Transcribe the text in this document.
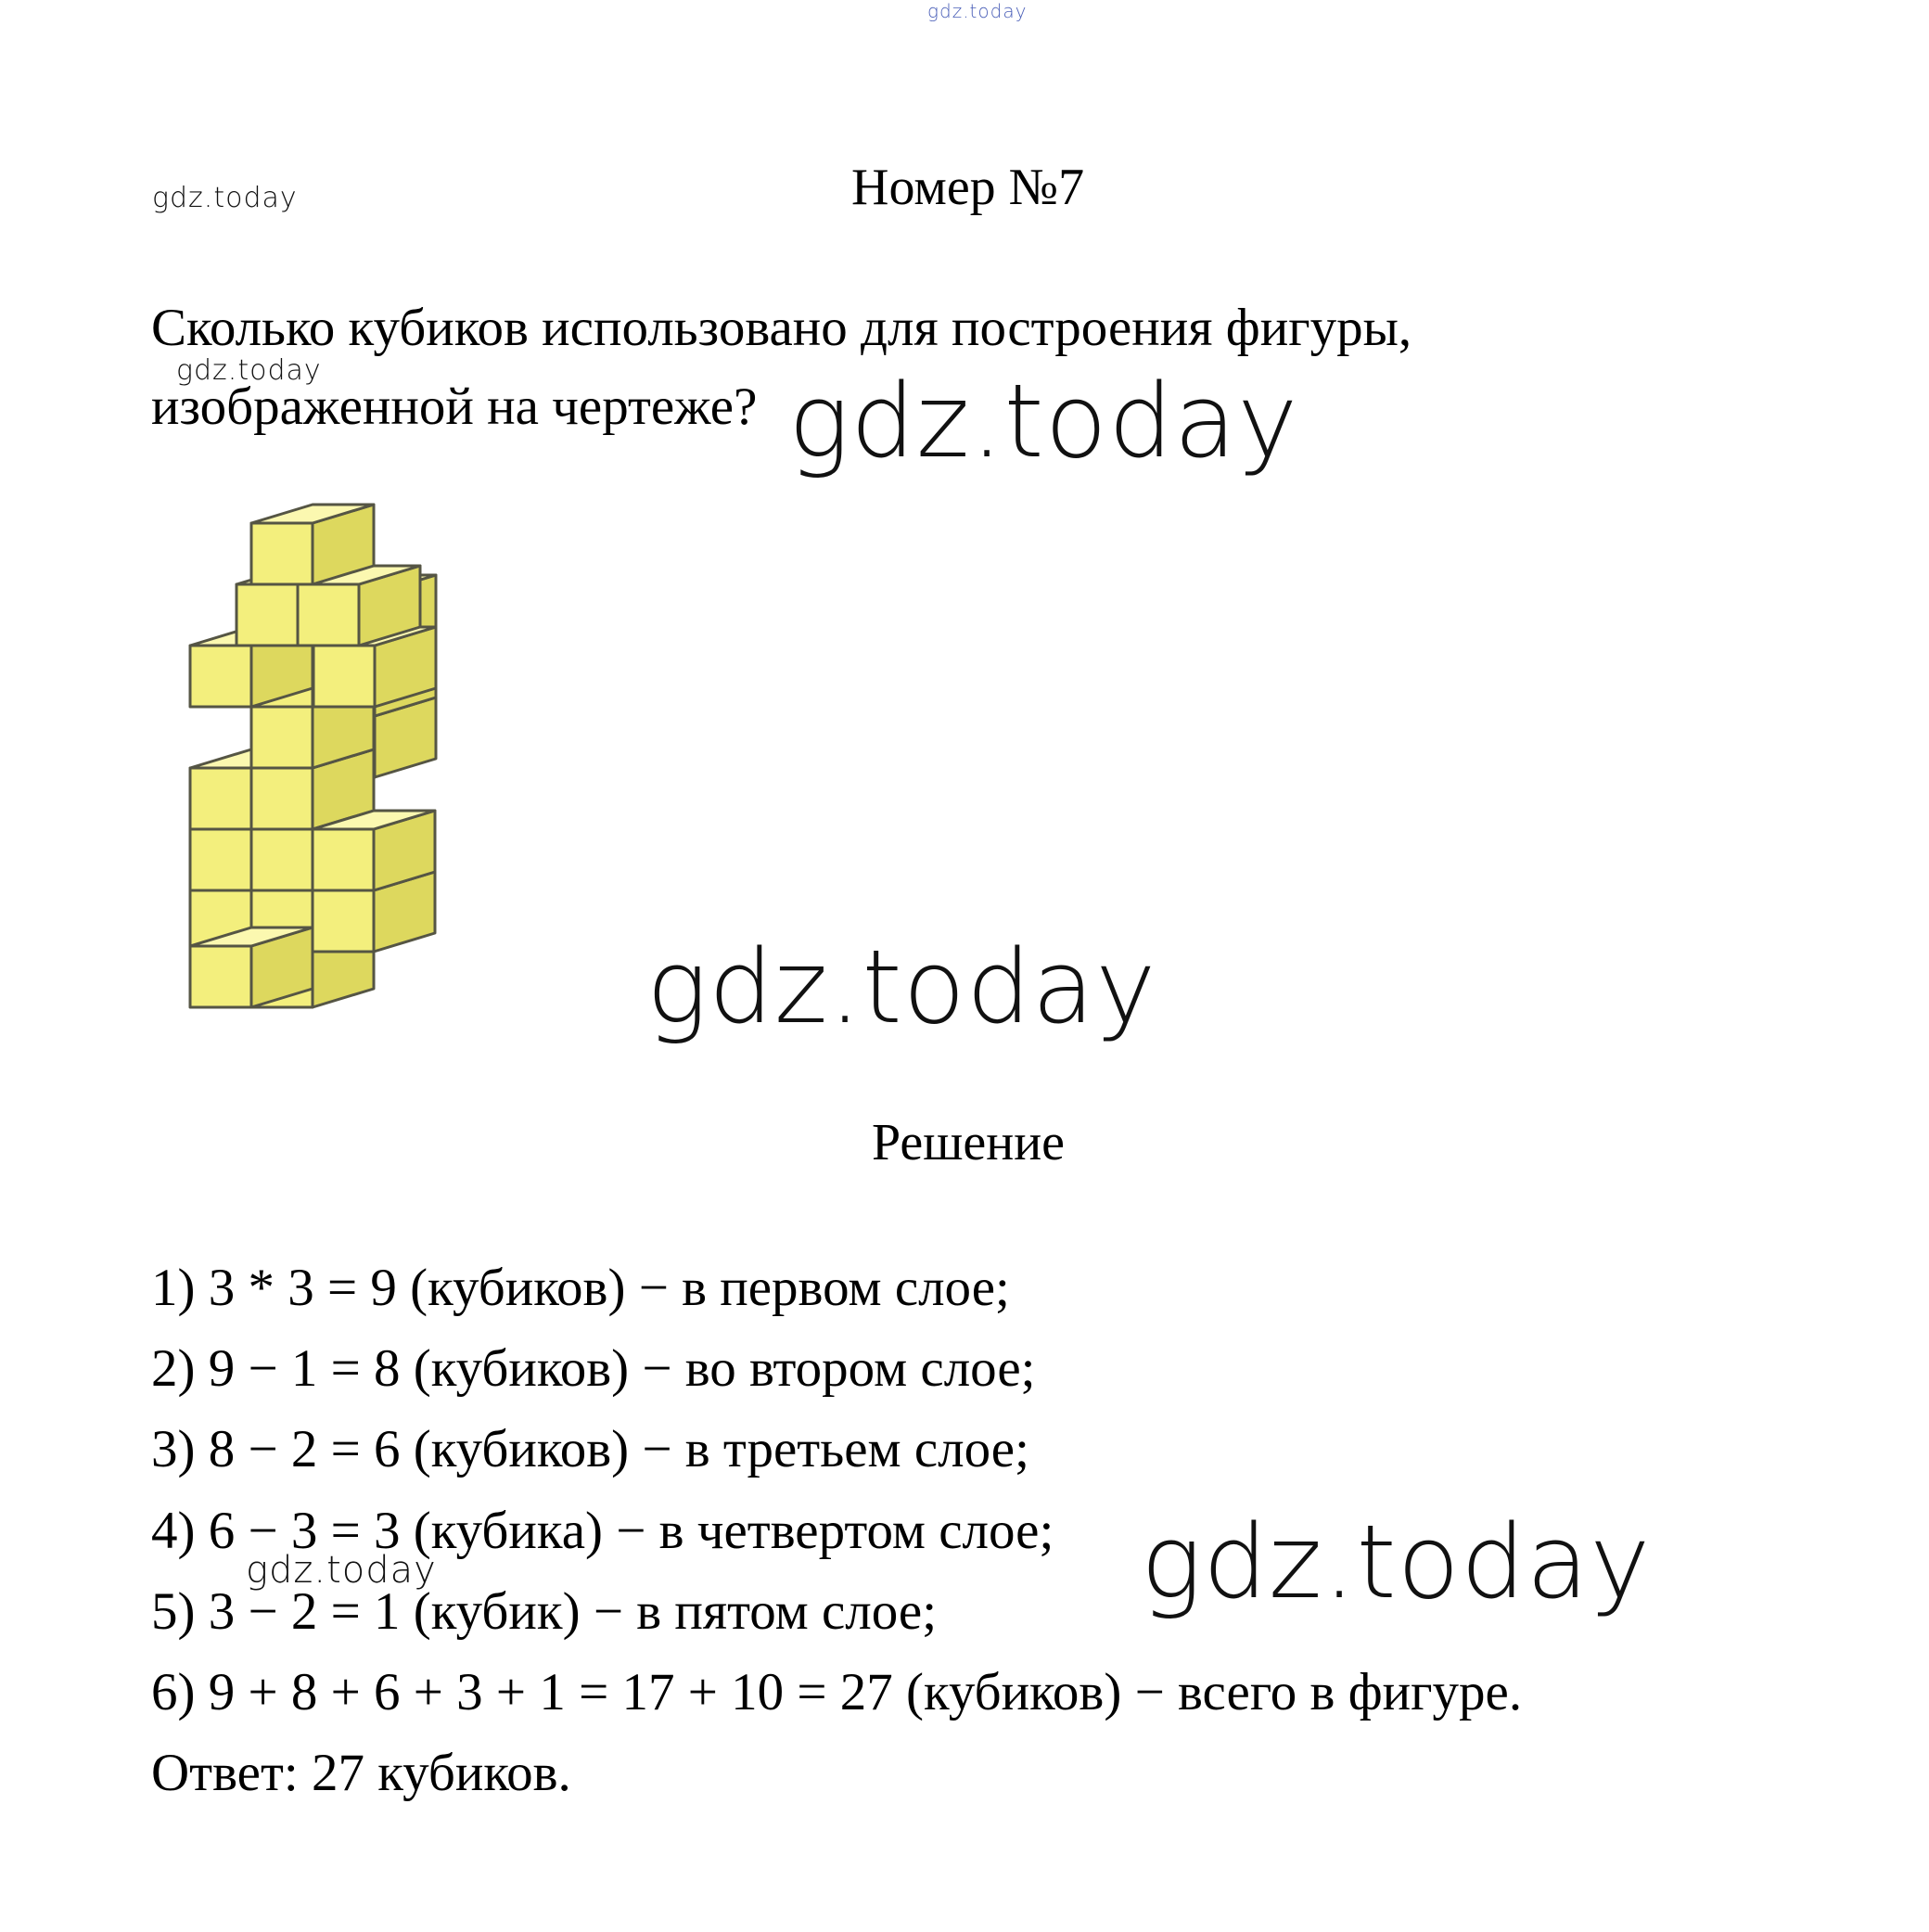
gdz.today
Номер №7
gdz.today
Сколько кубиков использовано для построения фигуры,
gdz.today
изображенной на чертеже? gdz.today
gdz.today
Решение
1) 3 * 3 = 9 (кубиков) − в первом слое;
2) 9 − 1 = 8 (кубиков) − во втором слое;
3) 8 − 2 = 6 (кубиков) − в третьем слое;
4) 6 − 3 = 3 (кубика) − в четвертом слое;
gdz.today	gdz.today
5) 3 − 2 = 1 (кубик) − в пятом слое;
6) 9 + 8 + 6 + 3 + 1 = 17 + 10 = 27 (кубиков) − всего в фигуре.
Ответ: 27 кубиков.
